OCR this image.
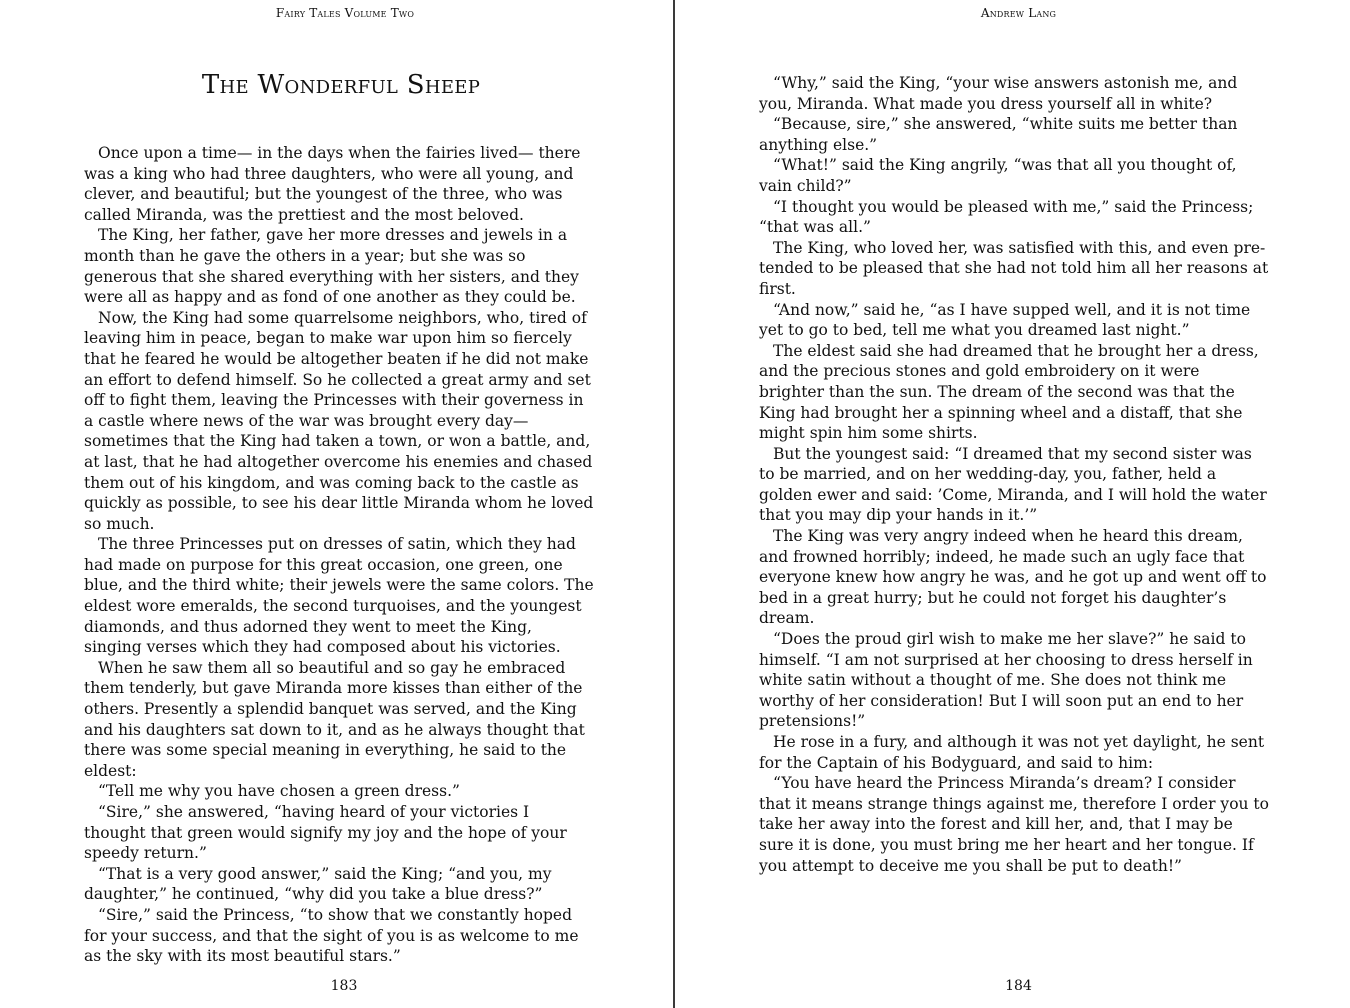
Fairy Tales Volume Two
The Wonderful Sheep

Once upon a time— in the days when the fairies lived— there was a king who had three daughters, who were all young, and clever, and beautiful; but the youngest of the three, who was called Miranda, was the prettiest and the most beloved.

The King, her father, gave her more dresses and jewels in a month than he gave the others in a year; but she was so generous that she shared everything with her sisters, and they were all as happy and as fond of one another as they could be.

Now, the King had some quarrelsome neighbors, who, tired of leaving him in peace, began to make war upon him so fiercely that he feared he would be altogether beaten if he did not make an effort to defend himself. So he collected a great army and set off to fight them, leaving the Princesses with their governess in a castle where news of the war was brought every day—sometimes that the King had taken a town, or won a battle, and, at last, that he had altogether overcome his enemies and chased them out of his kingdom, and was coming back to the castle as quickly as possible, to see his dear little Miranda whom he loved so much.

The three Princesses put on dresses of satin, which they had had made on purpose for this great occasion, one green, one blue, and the third white; their jewels were the same colors. The eldest wore emeralds, the second turquoises, and the youngest diamonds, and thus adorned they went to meet the King, singing verses which they had composed about his victories.

When he saw them all so beautiful and so gay he embraced them tenderly, but gave Miranda more kisses than either of the others. Presently a splendid banquet was served, and the King and his daughters sat down to it, and as he always thought that there was some special meaning in everything, he said to the eldest:

“Tell me why you have chosen a green dress.”

“Sire,” she answered, “having heard of your victories I thought that green would signify my joy and the hope of your speedy return.”

“That is a very good answer,” said the King; “and you, my daughter,” he continued, “why did you take a blue dress?”

“Sire,” said the Princess, “to show that we constantly hoped for your success, and that the sight of you is as welcome to me as the sky with its most beautiful stars.”

183
Andrew Lang

“Why,” said the King, “your wise answers astonish me, and you, Miranda. What made you dress yourself all in white?

“Because, sire,” she answered, “white suits me better than anything else.”

“What!” said the King angrily, “was that all you thought of, vain child?”

“I thought you would be pleased with me,” said the Princess; “that was all.”

The King, who loved her, was satisfied with this, and even pretended to be pleased that she had not told him all her reasons at first.

“And now,” said he, “as I have supped well, and it is not time yet to go to bed, tell me what you dreamed last night.”

The eldest said she had dreamed that he brought her a dress, and the precious stones and gold embroidery on it were brighter than the sun. The dream of the second was that the King had brought her a spinning wheel and a distaff, that she might spin him some shirts.

But the youngest said: “I dreamed that my second sister was to be married, and on her wedding-day, you, father, held a golden ewer and said: ’Come, Miranda, and I will hold the water that you may dip your hands in it.’”

The King was very angry indeed when he heard this dream, and frowned horribly; indeed, he made such an ugly face that everyone knew how angry he was, and he got up and went off to bed in a great hurry; but he could not forget his daughter’s dream.

“Does the proud girl wish to make me her slave?” he said to himself. “I am not surprised at her choosing to dress herself in white satin without a thought of me. She does not think me worthy of her consideration! But I will soon put an end to her pretensions!”

He rose in a fury, and although it was not yet daylight, he sent for the Captain of his Bodyguard, and said to him:

“You have heard the Princess Miranda’s dream? I consider that it means strange things against me, therefore I order you to take her away into the forest and kill her, and, that I may be sure it is done, you must bring me her heart and her tongue. If you attempt to deceive me you shall be put to death!”

184
